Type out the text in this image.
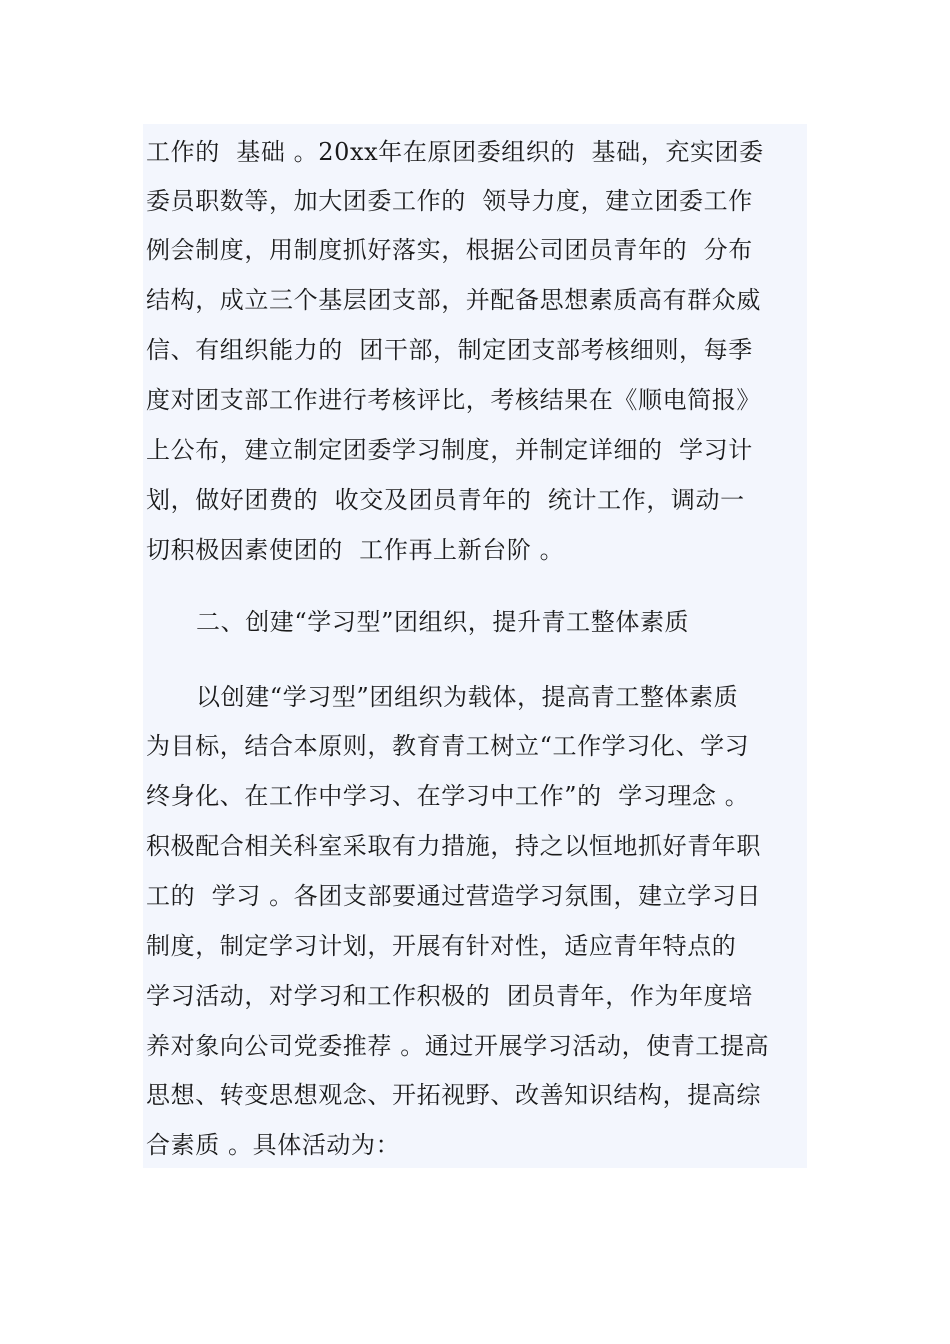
工作的  基础 。20xx年在原团委组织的  基础，充实团委
委员职数等，加大团委工作的  领导力度，建立团委工作
例会制度，用制度抓好落实，根据公司团员青年的  分布
结构，成立三个基层团支部，并配备思想素质高有群众威
信、有组织能力的  团干部，制定团支部考核细则，每季
度对团支部工作进行考核评比，考核结果在《顺电简报》
上公布，建立制定团委学习制度，并制定详细的  学习计
划，做好团费的  收交及团员青年的  统计工作，调动一
切积极因素使团的  工作再上新台阶 。
二、创建“学习型”团组织，提升青工整体素质
以创建“学习型”团组织为载体，提高青工整体素质
为目标，结合本原则，教育青工树立“工作学习化、学习
终身化、在工作中学习、在学习中工作”的  学习理念 。
积极配合相关科室采取有力措施，持之以恒地抓好青年职
工的  学习 。各团支部要通过营造学习氛围，建立学习日
制度，制定学习计划，开展有针对性，适应青年特点的
学习活动，对学习和工作积极的  团员青年，作为年度培
养对象向公司党委推荐 。通过开展学习活动，使青工提高
思想、转变思想观念、开拓视野、改善知识结构，提高综
合素质 。具体活动为：
